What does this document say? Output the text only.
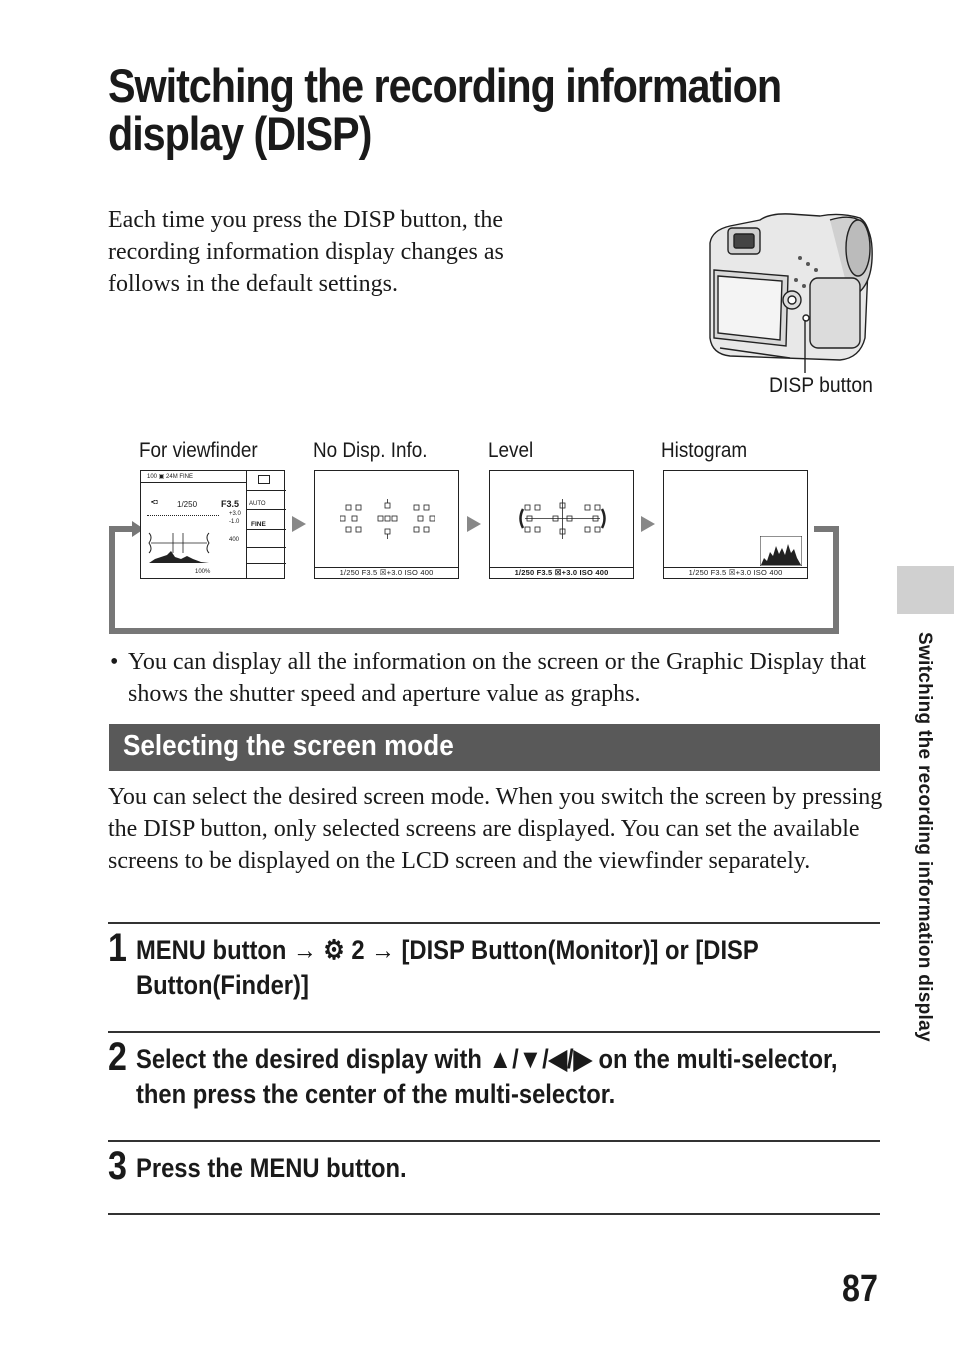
Switching the recording information display (DISP)
Each time you press the DISP button, the recording information display changes as follows in the default settings.
DISP button
For viewfinder	No Disp. Info.	Level	Histogram
100 ▣ 24M FINE
▪◘ 1/250	F3.5
+3.0
-1.0
400
100%
AUTO
FINE
1/250 F3.5 ☒+3.0 ISO 400	1/250 F3.5 ☒+3.0 ISO 400	1/250 F3.5 ☒+3.0 ISO 400
• You can display all the information on the screen or the Graphic Display that shows the shutter speed and aperture value as graphs.
Selecting the screen mode
You can select the desired screen mode. When you switch the screen by pressing the DISP button, only selected screens are displayed. You can set the available screens to be displayed on the LCD screen and the viewfinder separately.
1 MENU button → ⚙ 2 → [DISP Button(Monitor)] or [DISP Button(Finder)]
2 Select the desired display with ▲/▼/◀/▶ on the multi-selector, then press the center of the multi-selector.
3 Press the MENU button.
Switching the recording information display
87
